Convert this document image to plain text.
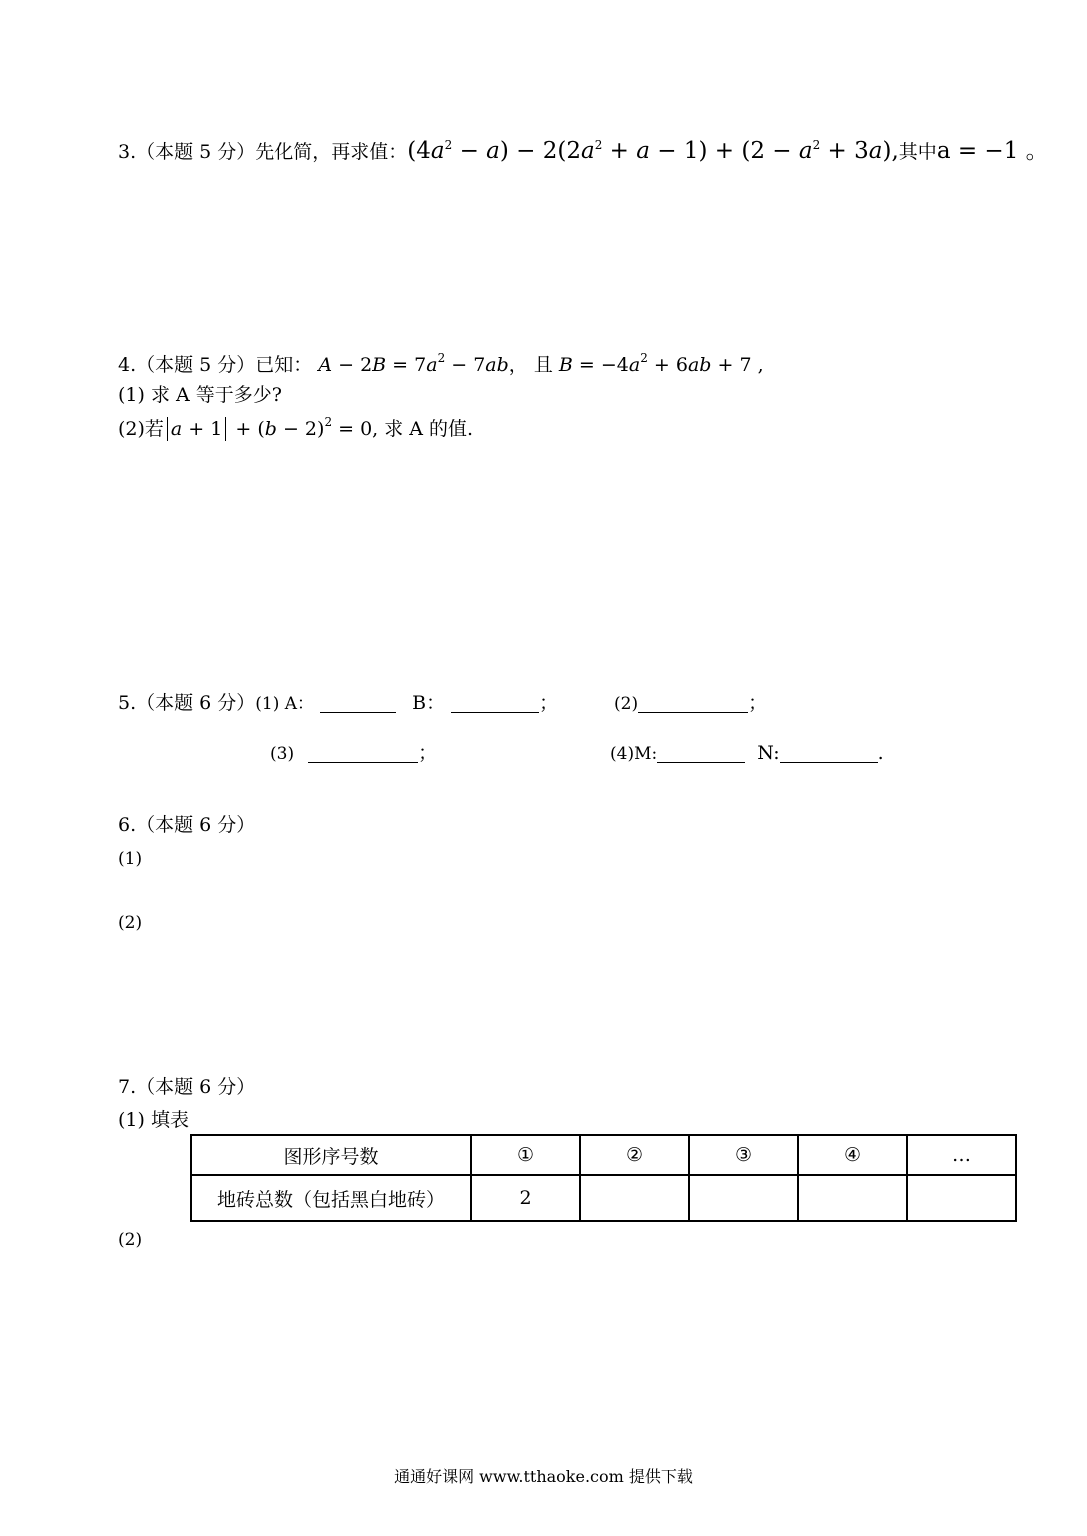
3.（本题 5 分）先化简，再求值：$(4a^2 - a) - 2(2a^2 + a - 1) + (2 - a^2 + 3a)$,其中a = −1 。
4.（本题 5 分）已知： $A - 2B = 7a^2 - 7ab$， 且 $B = -4a^2 + 6ab + 7$ ,
(1) 求 A 等于多少?
(2)若 $a + 1 + (b - 2)^2 = 0$, 求 A 的值.
5.（本题 6 分）(1) A：	B：	；	(2)	；
(3)	；	(4)M:	N:	.
6.（本题 6 分）
(1)
(2)
7.（本题 6 分）
(1) 填表
图形序号数	①	②	③	④	…
地砖总数（包括黑白地砖）	2				
(2)
通通好课网 www.tthaoke.com 提供下载
